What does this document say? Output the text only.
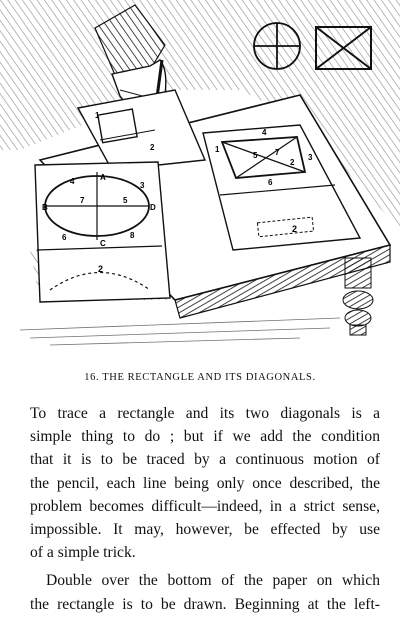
1
2
B	D
A
C
7
4
5
3
6	8
2
1
4
5 7
2
3
6
2
16. THE RECTANGLE AND ITS DIAGONALS.

To trace a rectangle and its two diagonals is a
simple thing to do ; but if we add the condition
that it is to be traced by a continuous motion of
the pencil, each line being only once described, the
problem becomes difficult—indeed, in a strict sense,
impossible. It may, however, be effected by use
of a simple trick.

Double over the bottom of the paper on which
the rectangle is to be drawn. Beginning at the left-
